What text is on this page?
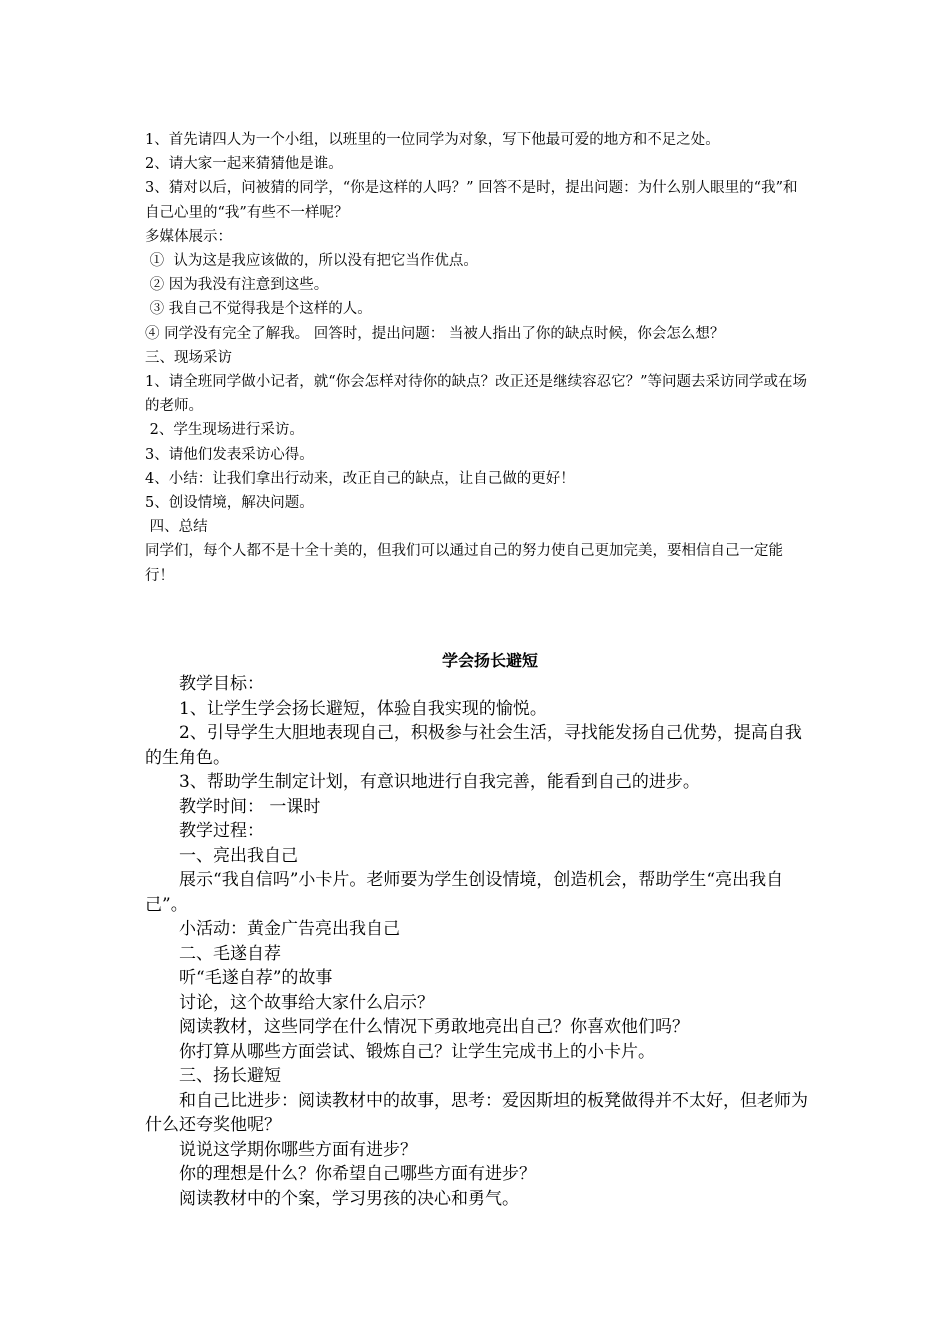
1、首先请四人为一个小组，以班里的一位同学为对象，写下他最可爱的地方和不足之处。

2、请大家一起来猜猜他是谁。

3、猜对以后，问被猜的同学，“你是这样的人吗？” 回答不是时，提出问题：为什么别人眼里的“我”和自己心里的“我”有些不一样呢？

多媒体展示：

①  认为这是我应该做的，所以没有把它当作优点。

② 因为我没有注意到这些。

③ 我自己不觉得我是个这样的人。

④ 同学没有完全了解我。 回答时，提出问题： 当被人指出了你的缺点时候，你会怎么想？

三、现场采访

1、请全班同学做小记者，就“你会怎样对待你的缺点？改正还是继续容忍它？”等问题去采访同学或在场的老师。

2、学生现场进行采访。

3、请他们发表采访心得。

4、小结：让我们拿出行动来，改正自己的缺点，让自己做的更好！

5、创设情境，解决问题。

四、总结

同学们，每个人都不是十全十美的，但我们可以通过自己的努力使自己更加完美，要相信自己一定能行！

学会扬长避短

教学目标：

1、让学生学会扬长避短，体验自我实现的愉悦。

2、引导学生大胆地表现自己，积极参与社会生活，寻找能发扬自己优势，提高自我的生角色。

3、帮助学生制定计划，有意识地进行自我完善，能看到自己的进步。

教学时间： 一课时

教学过程：

一、亮出我自己

展示“我自信吗”小卡片。老师要为学生创设情境，创造机会，帮助学生“亮出我自己”。

小活动：黄金广告亮出我自己

二、毛遂自荐

听“毛遂自荐”的故事

讨论，这个故事给大家什么启示？

阅读教材，这些同学在什么情况下勇敢地亮出自己？你喜欢他们吗？

你打算从哪些方面尝试、锻炼自己？让学生完成书上的小卡片。

三、扬长避短

和自己比进步：阅读教材中的故事，思考：爱因斯坦的板凳做得并不太好，但老师为什么还夸奖他呢？

说说这学期你哪些方面有进步？

你的理想是什么？你希望自己哪些方面有进步？

阅读教材中的个案，学习男孩的决心和勇气。
